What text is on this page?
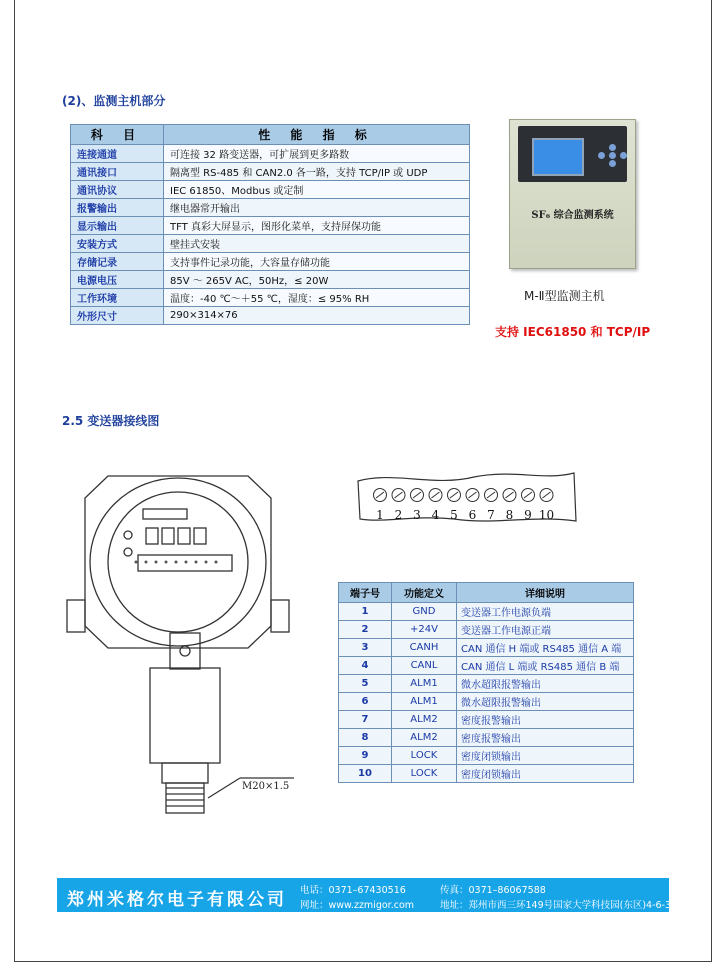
(2)、监测主机部分
科 目	性 能 指 标
连接通道	可连接 32 路变送器，可扩展到更多路数
通讯接口	隔离型 RS-485 和 CAN2.0 各一路，支持 TCP/IP 或 UDP
通讯协议	IEC 61850、Modbus 或定制
报警输出	继电器常开输出
显示输出	TFT 真彩大屏显示，图形化菜单，支持屏保功能
安装方式	壁挂式安装
存储记录	支持事件记录功能，大容量存储功能
电源电压	85V ～ 265V AC，50Hz，≤ 20W
工作环境	温度：-40 ℃～＋55 ℃，湿度：≤ 95% RH
外形尺寸	290×314×76
SF₆ 综合监测系统
M-Ⅱ型监测主机
支持 IEC61850 和 TCP/IP
2.5 变送器接线图
M20×1.5
1 2 3 4 5 6 7 8 9 10
端子号	功能定义	详细说明
1	GND	变送器工作电源负端
2	+24V	变送器工作电源正端
3	CANH	CAN 通信 H 端或 RS485 通信 A 端
4	CANL	CAN 通信 L 端或 RS485 通信 B 端
5	ALM1	微水超限报警输出
6	ALM1	微水超限报警输出
7	ALM2	密度报警输出
8	ALM2	密度报警输出
9	LOCK	密度闭锁输出
10	LOCK	密度闭锁输出
郑州米格尔电子有限公司 电话：0371–67430516	传真：0371–86067588
网址：www.zzmigor.com	地址：郑州市西三环149号国家大学科技园(东区)4-6-3
